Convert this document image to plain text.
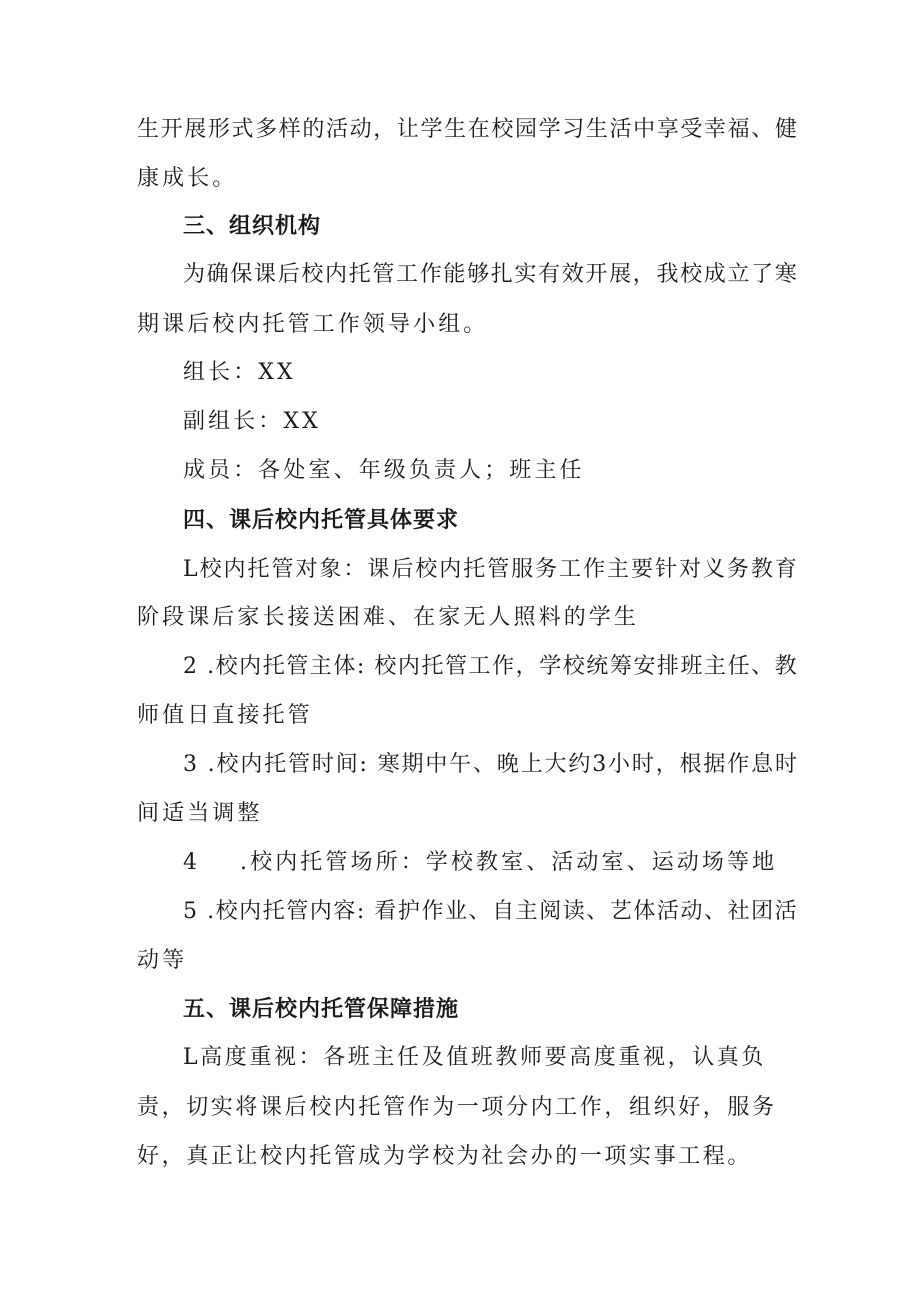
生 开 展 形 式 多 样 的 活 动 ， 让 学 生 在 校 园 学 习 生 活 中 享 受 幸 福 、 健
康成长。
三、组织机构
为 确 保 课 后 校 内 托 管 工 作 能 够 扎 实 有 效 开 展 ， 我 校 成 立 了 寒
期课后校内托管工作领导小组。
组长：XX
副组长：XX
成员：各处室、年级负责人；班主任
四、课后校内托管具体要求
L 校 内 托 管 对 象 ： 课 后 校 内 托 管 服 务 工 作 主 要 针 对 义 务 教 育
阶段课后家长接送困难、在家无人照料的学生
2
. 校 内 托 管 主 体 :
校 内 托 管 工 作 ， 学 校 统 筹 安 排 班 主 任 、 教
师值日直接托管
3
. 校 内 托 管 时 间 :
寒 期 中 午 、 晚 上 大 约 3 小 时 ， 根 据 作 息 时
间适当调整
4	.校内托管场所：学校教室、活动室、运动场等地
5
. 校 内 托 管 内 容 :
看 护 作 业 、 自 主 阅 读 、 艺 体 活 动 、 社 团 活
动等
五、课后校内托管保障措施
L高度重视：各班主任及值班教师要高度重视，认真负
责，切实将课后校内托管作为一项分内工作，组织好，服务
好，真正让校内托管成为学校为社会办的一项实事工程。
